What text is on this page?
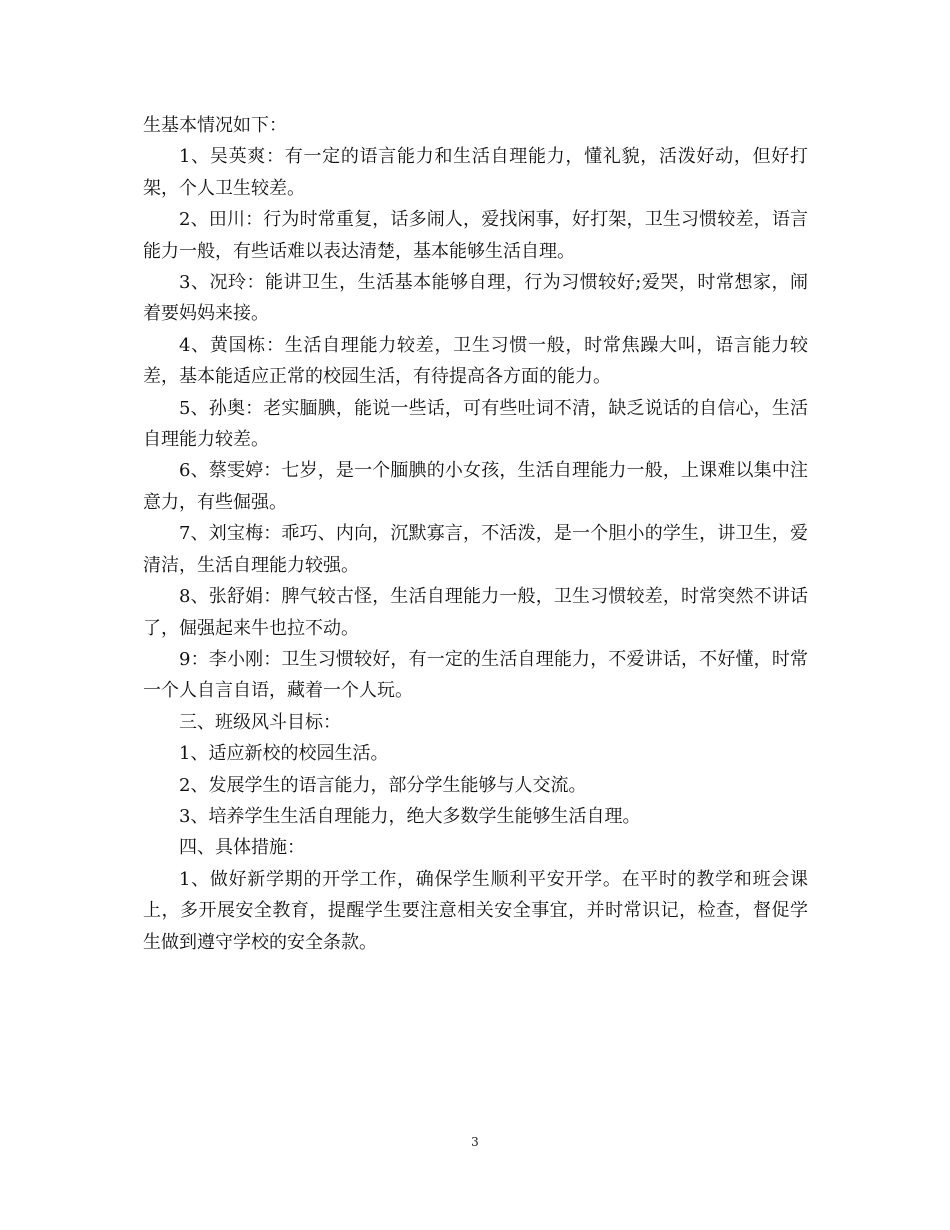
生基本情况如下：

1、吴英爽：有一定的语言能力和生活自理能力，懂礼貌，活泼好动，但好打架，个人卫生较差。

2、田川：行为时常重复，话多闹人，爱找闲事，好打架，卫生习惯较差，语言能力一般，有些话难以表达清楚，基本能够生活自理。

3、况玲：能讲卫生，生活基本能够自理，行为习惯较好;爱哭，时常想家，闹着要妈妈来接。

4、黄国栋：生活自理能力较差，卫生习惯一般，时常焦躁大叫，语言能力较差，基本能适应正常的校园生活，有待提高各方面的能力。

5、孙奥：老实腼腆，能说一些话，可有些吐词不清，缺乏说话的自信心，生活自理能力较差。

6、蔡雯婷：七岁，是一个腼腆的小女孩，生活自理能力一般，上课难以集中注意力，有些倔强。

7、刘宝梅：乖巧、内向，沉默寡言，不活泼，是一个胆小的学生，讲卫生，爱清洁，生活自理能力较强。

8、张舒娟：脾气较古怪，生活自理能力一般，卫生习惯较差，时常突然不讲话了，倔强起来牛也拉不动。

9：李小刚：卫生习惯较好，有一定的生活自理能力，不爱讲话，不好懂，时常一个人自言自语，藏着一个人玩。

三、班级风斗目标：

1、适应新校的校园生活。

2、发展学生的语言能力，部分学生能够与人交流。

3、培养学生生活自理能力，绝大多数学生能够生活自理。

四、具体措施：

1、做好新学期的开学工作，确保学生顺利平安开学。在平时的教学和班会课上，多开展安全教育，提醒学生要注意相关安全事宜，并时常识记，检查，督促学生做到遵守学校的安全条款。

3
